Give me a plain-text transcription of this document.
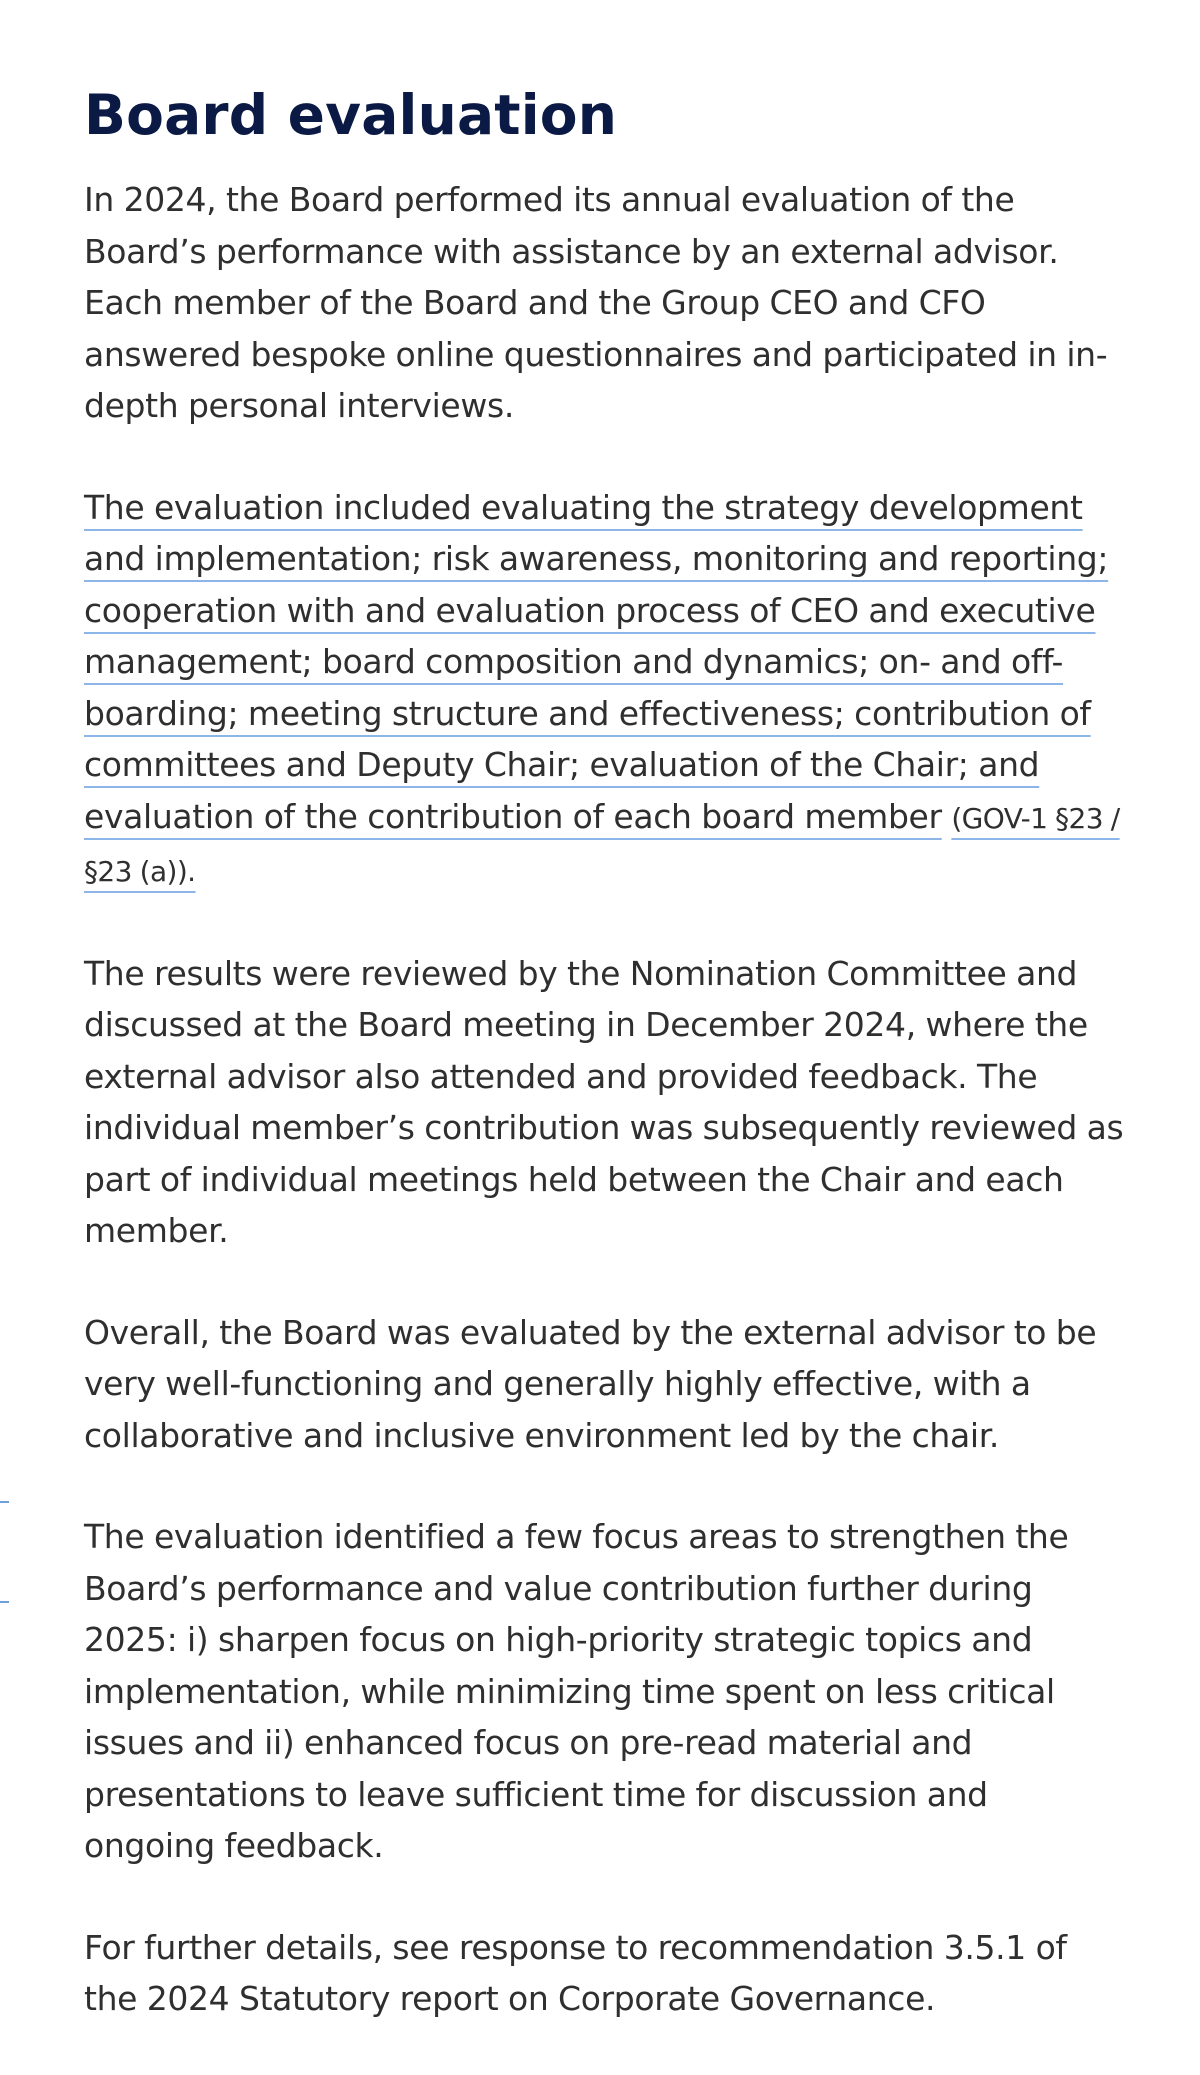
Board evaluation

In 2024, the Board performed its annual evaluation of the Board’s performance with assistance by an external advisor. Each member of the Board and the Group CEO and CFO answered bespoke online questionnaires and participated in in-depth personal interviews.

The evaluation included evaluating the strategy development and implementation; risk awareness, monitoring and reporting; cooperation with and evaluation process of CEO and executive management; board composition and dynamics; on- and off-boarding; meeting structure and effectiveness; contribution of committees and Deputy Chair; evaluation of the Chair; and evaluation of the contribution of each board member (GOV-1 §23 / §23 (a)).

The results were reviewed by the Nomination Committee and discussed at the Board meeting in December 2024, where the external advisor also attended and provided feedback. The individual member’s contribution was subsequently reviewed as part of individual meetings held between the Chair and each member.

Overall, the Board was evaluated by the external advisor to be very well-functioning and generally highly effective, with a collaborative and inclusive environment led by the chair.

The evaluation identified a few focus areas to strengthen the Board’s performance and value contribution further during 2025: i) sharpen focus on high-priority strategic topics and implementation, while minimizing time spent on less critical issues and ii) enhanced focus on pre-read material and presentations to leave sufficient time for discussion and ongoing feedback.

For further details, see response to recommendation 3.5.1 of the 2024 Statutory report on Corporate Governance.
